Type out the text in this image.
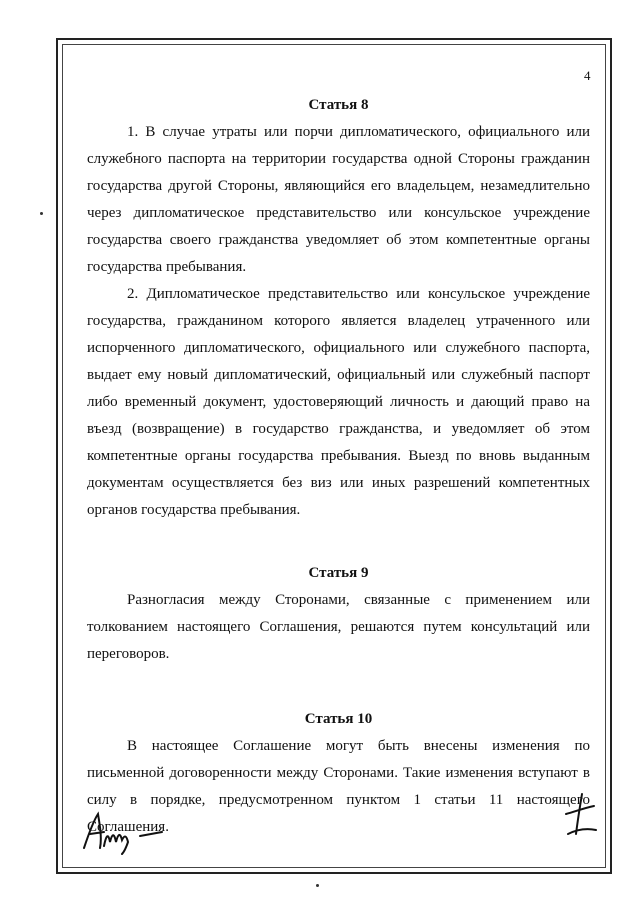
4

Статья 8

1. В случае утраты или порчи дипломатического, официального или служебного паспорта на территории государства одной Стороны гражданин государства другой Стороны, являющийся его владельцем, незамедлительно через дипломатическое представительство или консульское учреждение государства своего гражданства уведомляет об этом компетентные органы государства пребывания.

2. Дипломатическое представительство или консульское учреждение государства, гражданином которого является владелец утраченного или испорченного дипломатического, официального или служебного паспорта, выдает ему новый дипломатический, официальный или служебный паспорт либо временный документ, удостоверяющий личность и дающий право на въезд (возвращение) в государство гражданства, и уведомляет об этом компетентные органы государства пребывания. Выезд по вновь выданным документам осуществляется без виз или иных разрешений компетентных органов государства пребывания.

Статья 9

Разногласия между Сторонами, связанные с применением или толкованием настоящего Соглашения, решаются путем консультаций или переговоров.

Статья 10

В настоящее Соглашение могут быть внесены изменения по письменной договоренности между Сторонами. Такие изменения вступают в силу в порядке, предусмотренном пунктом 1 статьи 11 настоящего Соглашения.
